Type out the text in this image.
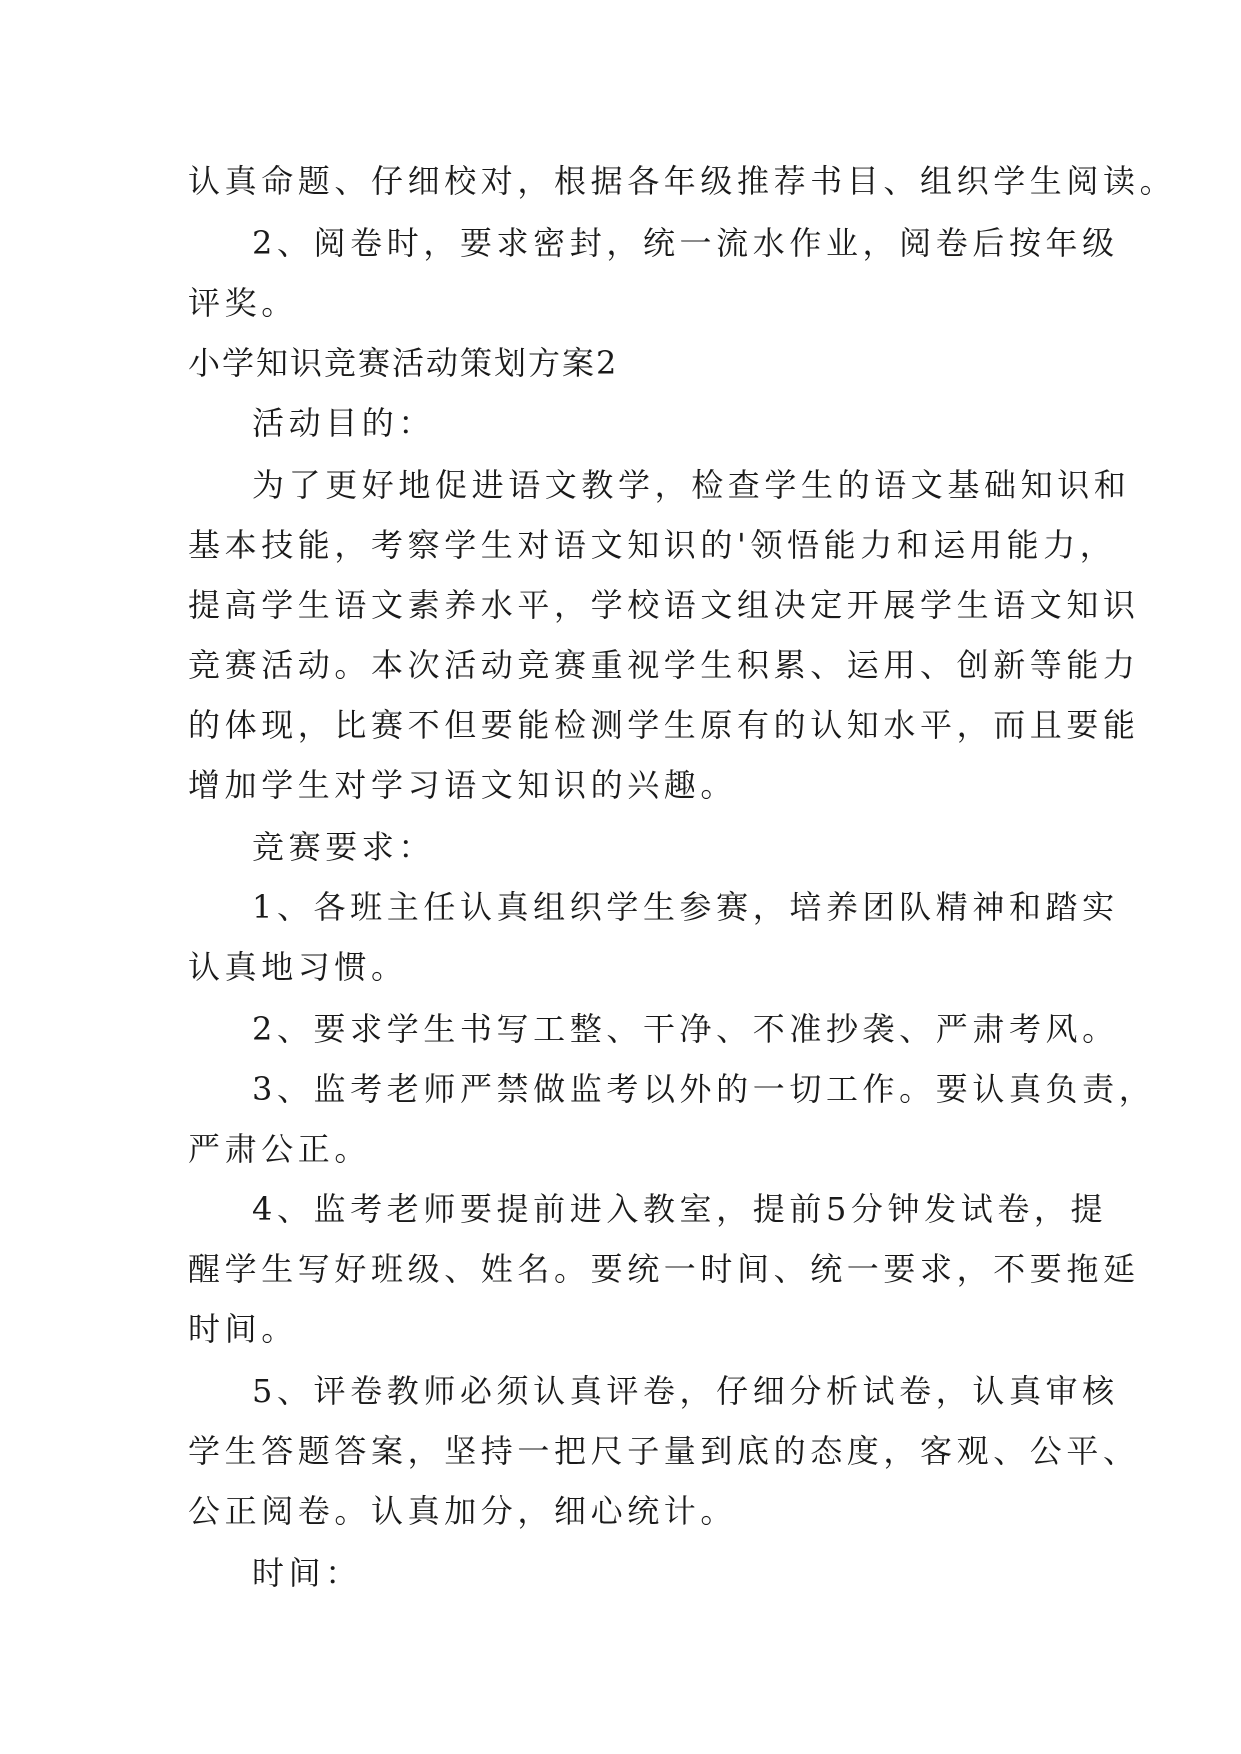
认真命题、仔细校对，根据各年级推荐书目、组织学生阅读。
2、阅卷时，要求密封，统一流水作业，阅卷后按年级
评奖。
小学知识竞赛活动策划方案2
活动目的：
为了更好地促进语文教学，检查学生的语文基础知识和
基本技能，考察学生对语文知识的'领悟能力和运用能力，
提高学生语文素养水平，学校语文组决定开展学生语文知识
竞赛活动。本次活动竞赛重视学生积累、运用、创新等能力
的体现，比赛不但要能检测学生原有的认知水平，而且要能
增加学生对学习语文知识的兴趣。
竞赛要求：
1、各班主任认真组织学生参赛，培养团队精神和踏实
认真地习惯。
2、要求学生书写工整、干净、不准抄袭、严肃考风。
3、监考老师严禁做监考以外的一切工作。要认真负责，
严肃公正。
4、监考老师要提前进入教室，提前5分钟发试卷，提
醒学生写好班级、姓名。要统一时间、统一要求，不要拖延
时间。
5、评卷教师必须认真评卷，仔细分析试卷，认真审核
学生答题答案，坚持一把尺子量到底的态度，客观、公平、
公正阅卷。认真加分，细心统计。
时间：
